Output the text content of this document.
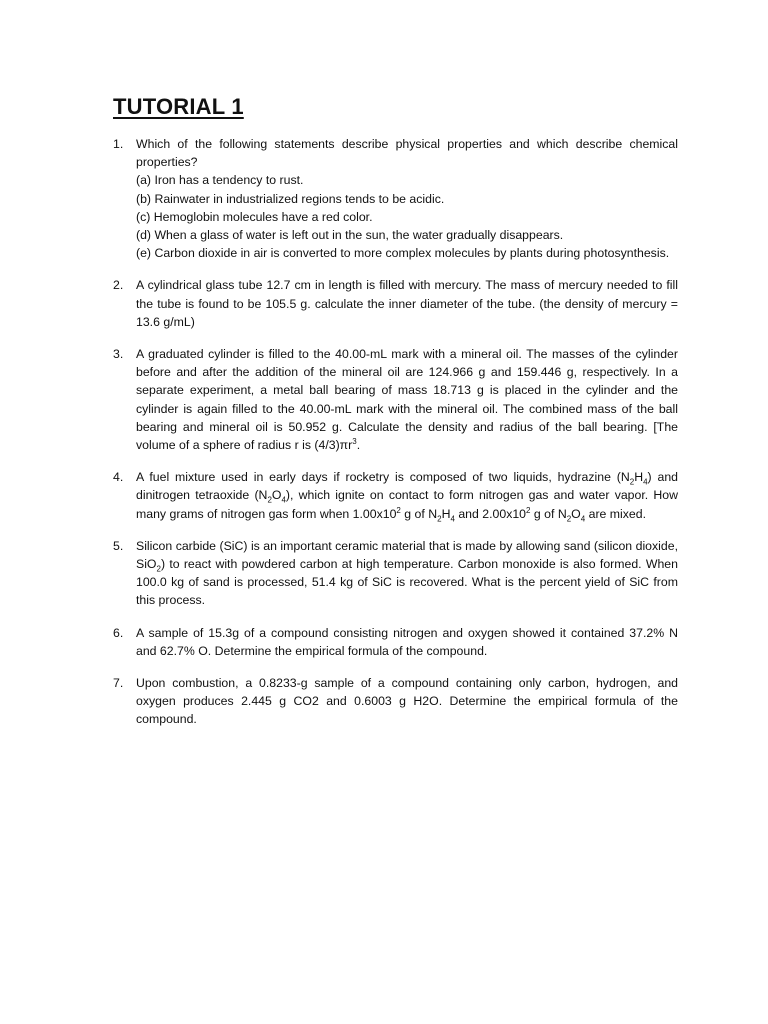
TUTORIAL 1
1. Which of the following statements describe physical properties and which describe chemical properties?
(a) Iron has a tendency to rust.
(b) Rainwater in industrialized regions tends to be acidic.
(c) Hemoglobin molecules have a red color.
(d) When a glass of water is left out in the sun, the water gradually disappears.
(e) Carbon dioxide in air is converted to more complex molecules by plants during photosynthesis.
2. A cylindrical glass tube 12.7 cm in length is filled with mercury. The mass of mercury needed to fill the tube is found to be 105.5 g. calculate the inner diameter of the tube. (the density of mercury = 13.6 g/mL)
3. A graduated cylinder is filled to the 40.00-mL mark with a mineral oil. The masses of the cylinder before and after the addition of the mineral oil are 124.966 g and 159.446 g, respectively. In a separate experiment, a metal ball bearing of mass 18.713 g is placed in the cylinder and the cylinder is again filled to the 40.00-mL mark with the mineral oil. The combined mass of the ball bearing and mineral oil is 50.952 g. Calculate the density and radius of the ball bearing. [The volume of a sphere of radius r is $(4/3)\pi r^3$.
4. A fuel mixture used in early days if rocketry is composed of two liquids, hydrazine $(N_2H_4)$ and dinitrogen tetraoxide $(N_2O_4)$, which ignite on contact to form nitrogen gas and water vapor. How many grams of nitrogen gas form when $1.00x10^2$ g of $N_2H_4$ and $2.00x10^2$ g of $N_2O_4$ are mixed.
5. Silicon carbide (SiC) is an important ceramic material that is made by allowing sand (silicon dioxide, SiO$_2$) to react with powdered carbon at high temperature. Carbon monoxide is also formed. When 100.0 kg of sand is processed, 51.4 kg of SiC is recovered. What is the percent yield of SiC from this process.
6. A sample of 15.3g of a compound consisting nitrogen and oxygen showed it contained 37.2% N and 62.7% O. Determine the empirical formula of the compound.
7. Upon combustion, a 0.8233-g sample of a compound containing only carbon, hydrogen, and oxygen produces 2.445 g CO2 and 0.6003 g H2O. Determine the empirical formula of the compound.
